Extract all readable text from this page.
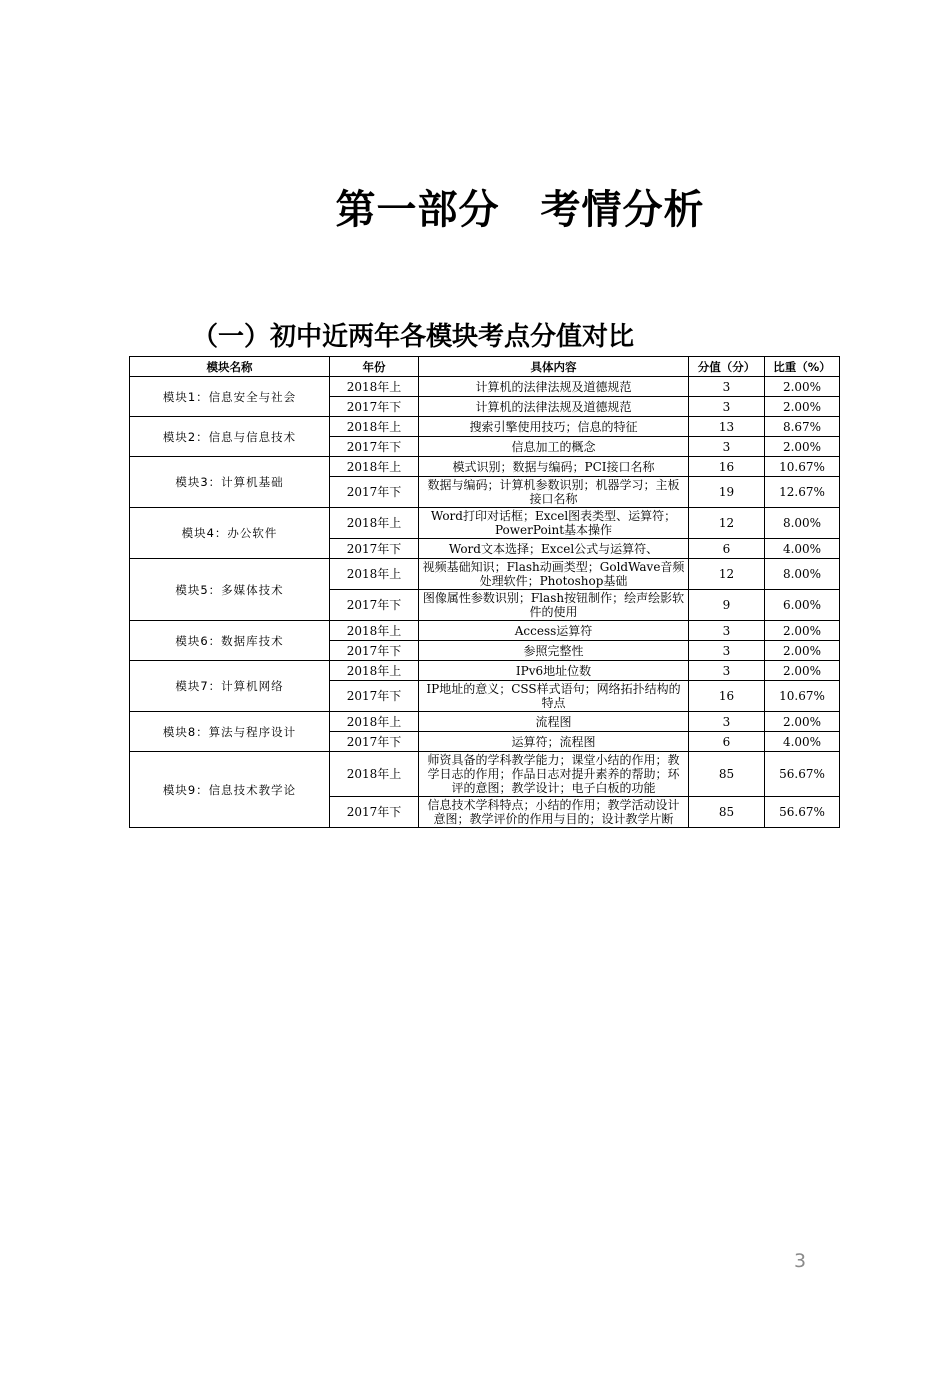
第一部分　考情分析
（一）初中近两年各模块考点分值对比
模块名称	年份	具体内容	分值（分）	比重（%）
模块1：信息安全与社会	2018年上	计算机的法律法规及道德规范	3	2.00%
	2017年下	计算机的法律法规及道德规范	3	2.00%
模块2：信息与信息技术	2018年上	搜索引擎使用技巧；信息的特征	13	8.67%
	2017年下	信息加工的概念	3	2.00%
模块3：计算机基础	2018年上	模式识别；数据与编码；PCI接口名称	16	10.67%
	2017年下	数据与编码；计算机参数识别；机器学习；主板接口名称	19	12.67%
模块4：办公软件	2018年上	Word打印对话框；Excel图表类型、运算符；PowerPoint基本操作	12	8.00%
	2017年下	Word文本选择；Excel公式与运算符、	6	4.00%
模块5：多媒体技术	2018年上	视频基础知识；Flash动画类型；GoldWave音频处理软件；Photoshop基础	12	8.00%
	2017年下	图像属性参数识别；Flash按钮制作；绘声绘影软件的使用	9	6.00%
模块6：数据库技术	2018年上	Access运算符	3	2.00%
	2017年下	参照完整性	3	2.00%
模块7：计算机网络	2018年上	IPv6地址位数	3	2.00%
	2017年下	IP地址的意义；CSS样式语句；网络拓扑结构的特点	16	10.67%
模块8：算法与程序设计	2018年上	流程图	3	2.00%
	2017年下	运算符；流程图	6	4.00%
模块9：信息技术教学论	2018年上	师资具备的学科教学能力；课堂小结的作用；教学日志的作用；作品日志对提升素养的帮助；环评的意图；教学设计；电子白板的功能	85	56.67%
	2017年下	信息技术学科特点；小结的作用；教学活动设计意图；教学评价的作用与目的；设计教学片断	85	56.67%
3
